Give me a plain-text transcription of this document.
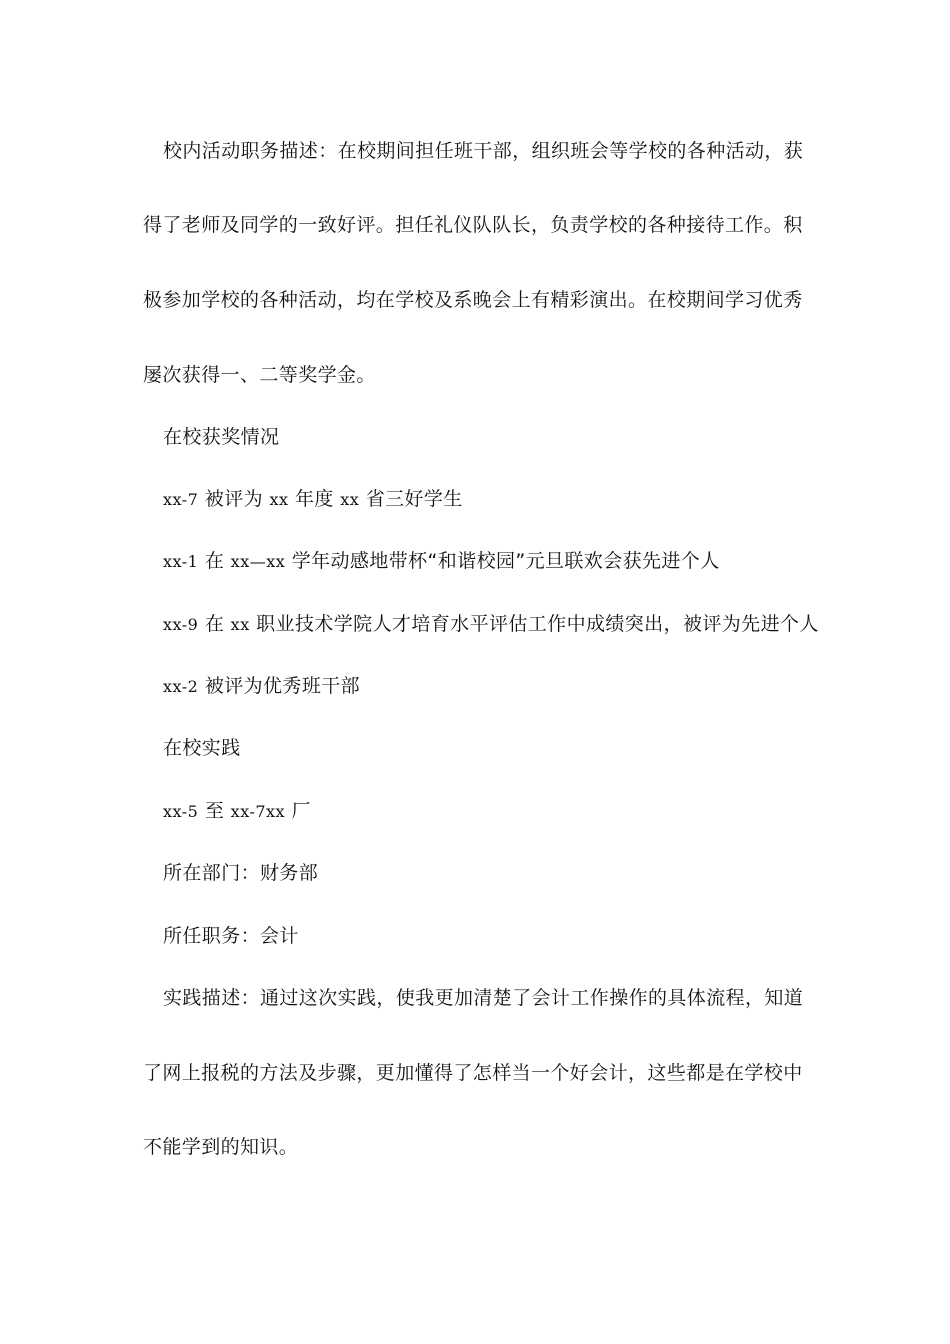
校内活动职务描述：在校期间担任班干部，组织班会等学校的各种活动，获
得了老师及同学的一致好评。担任礼仪队队长，负责学校的各种接待工作。积
极参加学校的各种活动，均在学校及系晚会上有精彩演出。在校期间学习优秀
屡次获得一、二等奖学金。
在校获奖情况
xx-7 被评为 xx 年度 xx 省三好学生
xx-1 在 xx—xx 学年动感地带杯“和谐校园”元旦联欢会获先进个人
xx-9 在 xx 职业技术学院人才培育水平评估工作中成绩突出，被评为先进个人
xx-2 被评为优秀班干部
在校实践
xx-5 至 xx-7xx 厂
所在部门：财务部
所任职务：会计
实践描述：通过这次实践，使我更加清楚了会计工作操作的具体流程，知道
了网上报税的方法及步骤，更加懂得了怎样当一个好会计，这些都是在学校中
不能学到的知识。
